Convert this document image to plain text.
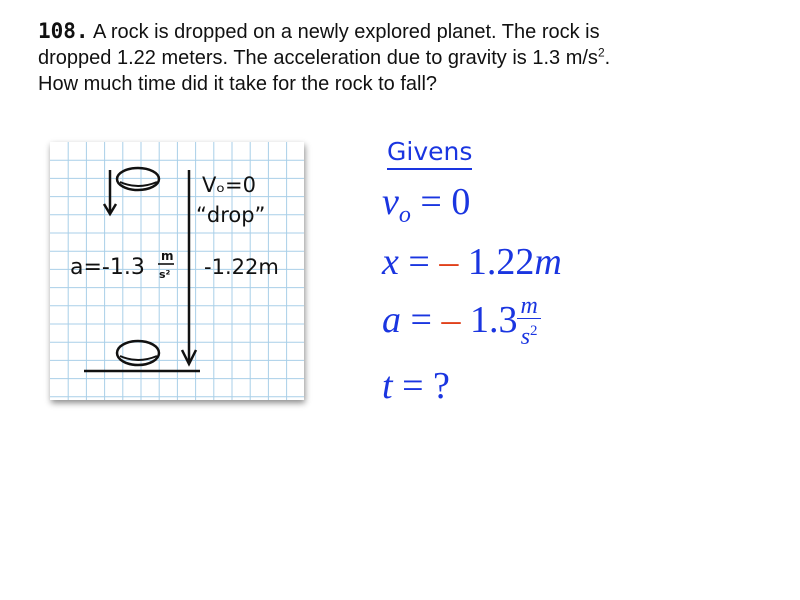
108. A rock is dropped on a newly explored planet. The rock is
dropped 1.22 meters. The acceleration due to gravity is 1.3 $m/s^2$.
How much time did it take for the rock to fall?
Vₒ=0
“drop”
a=-1.3 m
s² -1.22m
Givens
$v_o = 0$
x = – 1.22m
a = – $1.3 \frac{m}{s^2}$
t = ?
